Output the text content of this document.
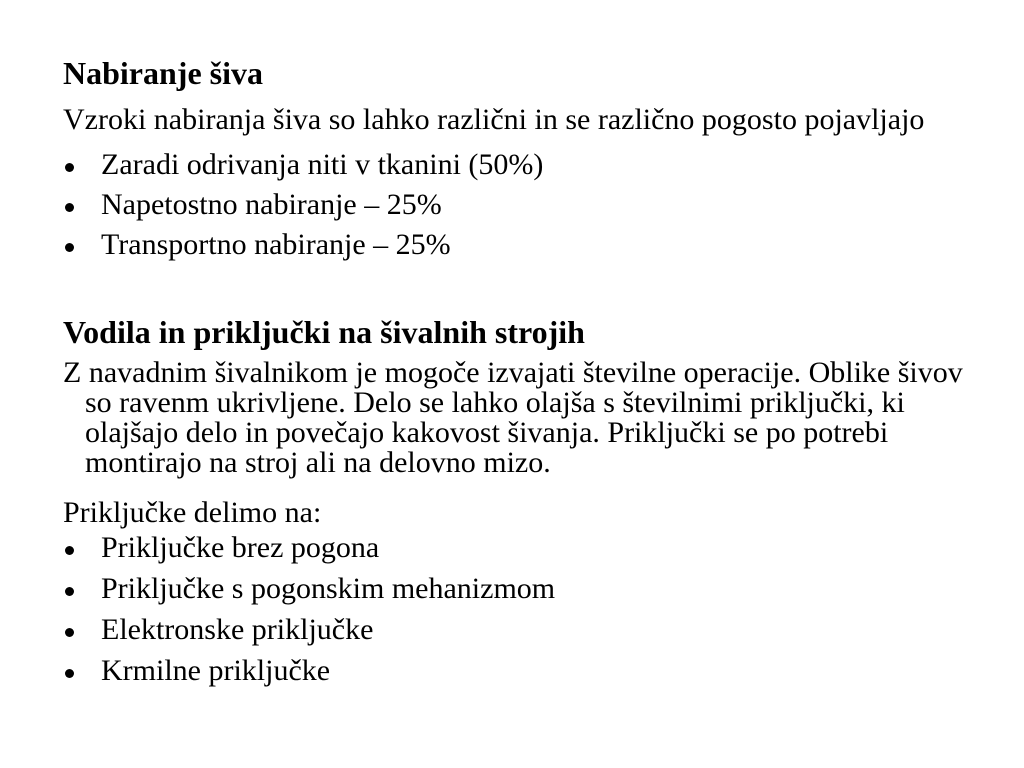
Nabiranje šiva

Vzroki nabiranja šiva so lahko različni in se različno pogosto pojavljajo

Zaradi odrivanja niti v tkanini (50%)
Napetostno nabiranje – 25%
Transportno nabiranje – 25%
Vodila in priključki na šivalnih strojih

Z navadnim šivalnikom je mogoče izvajati številne operacije. Oblike šivov so ravenm ukrivljene. Delo se lahko olajša s številnimi priključki, ki olajšajo delo in povečajo kakovost šivanja. Priključki se po potrebi montirajo na stroj ali na delovno mizo.

Priključke delimo na:

Priključke brez pogona
Priključke s pogonskim mehanizmom
Elektronske priključke
Krmilne priključke
